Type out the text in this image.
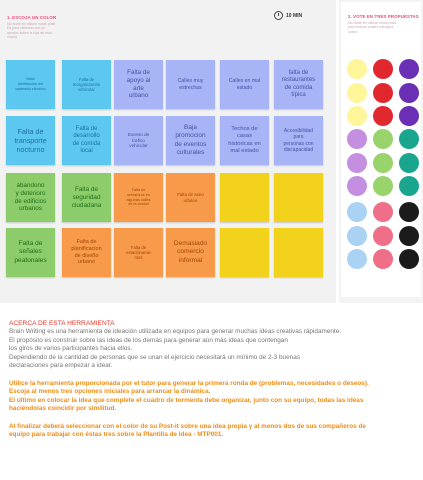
1. ESCOJA UN COLOR
No dude en utilizar notas posit
Es para utilizarlo con su
opinion sobre la hija de esta
marca.
10 MIN
Mala
distribución del
cableado eléctrico
Falta de
reorganización
vehicular
Falta de
apoyo al
arte
urbano
Calles muy
estrechas
Calles en mal
estado
falta de
restaurantes
de comida
típica
Falta de
transporte
nocturno
Falta de
desarrollo
de comida
local
Exceso de
trafico
vehicular
Baja
promocion
de eventos
culturales
Techos de
casas
historicas en
mal estado
Accesibilidad
para
personas con
discapacidad
abandono
y deterioro
de edificios
urbanos
Falta de
seguridad
ciudadana
Falta de
semaforos en
algunas calles
de la ciudad
Falta de aseo
urbano
Falta de
señales
peatonales
Falta de
planificacion
de diseño
urbano
Falta de
estacionamie
ntos
Demasiado
comercio
informal
2. VOTE EN TRES PROPUESTAS
No dude en utilizar estos posit
para indicar cuales trabajará
usted
ACERCA DE ESTA HERRAMIENTA
Brain Writing es una herramienta de ideación utilizada en equipos para generar muchas ideas creativas rápidamente.
El propósito es construir sobre las ideas de los demás para generar aún más ideas que contengan
los giros de varios participantes hacia ellos.
Dependiendo de la cantidad de personas que se unan el ejercicio necesitará un mínimo de 2-3 buenas
declaraciones para empezar a idear.
Utilice la herramienta proporcionada por el tutor para generar la primera ronda de (problemas, necesidades o deseos).
Escoja al menos tres opciones iniciales para arrancar la dinámica.
El último en colocar la idea que complete el cuadro de tormenta debe organizar, junto con su equipo, todas las ideas
haciéndolas coincidir por similitud.
Al finalizar deberá seleccionar con el color de su Post-it sobre una idea propia y al menos dos de sus compañeros de
equipo para trabajar con éstas tres sobre la Plantilla de Idea - MTP001.
